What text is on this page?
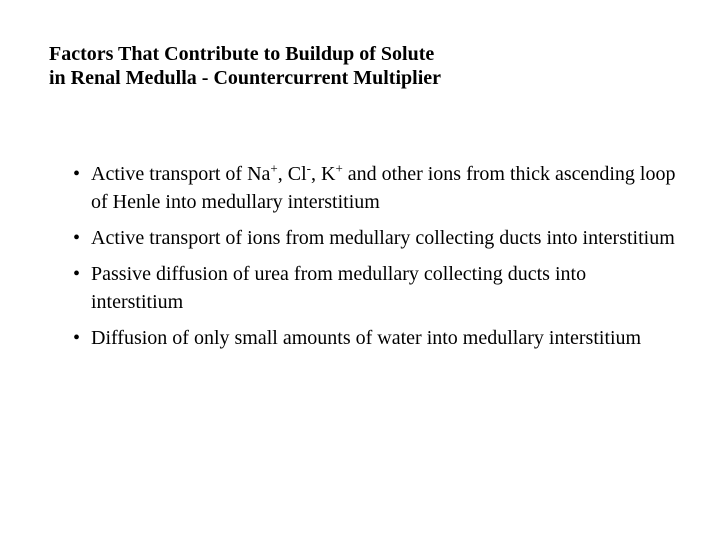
Factors That Contribute to Buildup of Solute
in Renal Medulla - Countercurrent Multiplier
• Active transport of Na+, Cl-, K+ and other ions from thick ascending loop of Henle into medullary interstitium
• Active transport of ions from medullary collecting ducts into interstitium
• Passive diffusion of urea from medullary collecting ducts into interstitium
• Diffusion of only small amounts of water into medullary interstitium
